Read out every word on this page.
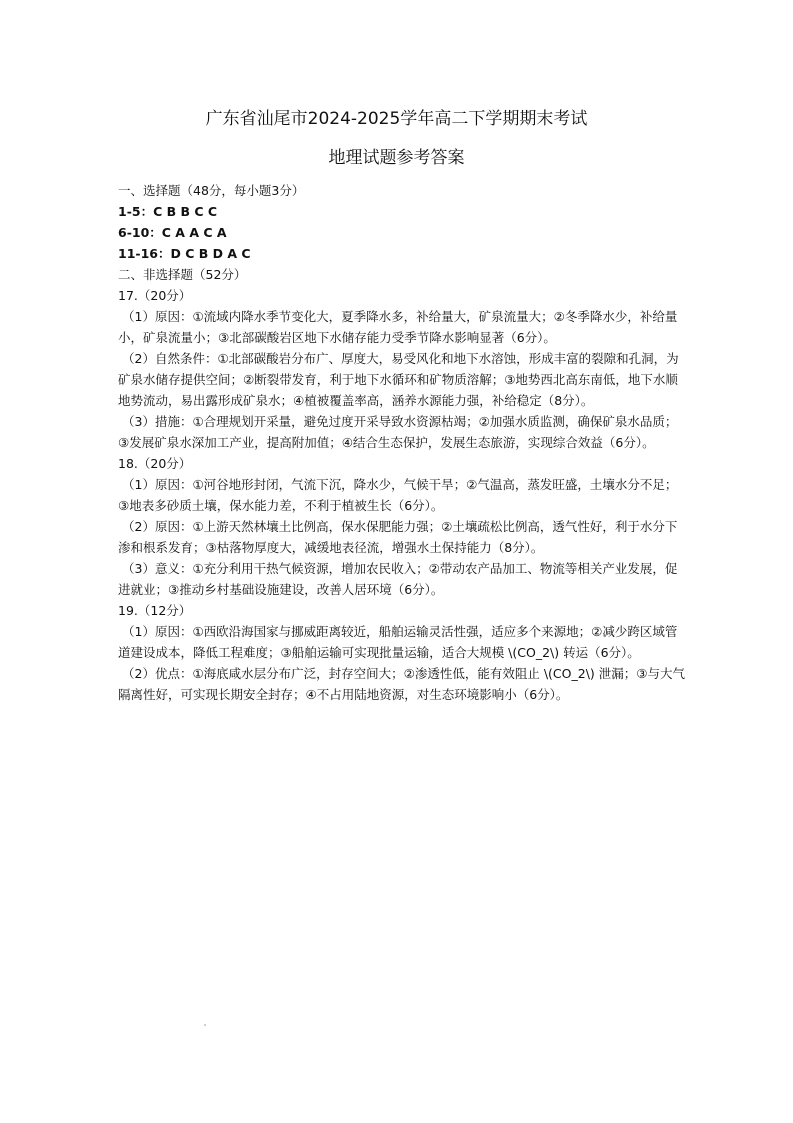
广东省汕尾市2024-2025学年高二下学期期末考试
地理试题参考答案
一、选择题（48分，每小题3分）
1-5：C B B C C
6-10：C A A C A
11-16：D C B D A C
二、非选择题（52分）
17.（20分）
（1）原因：①流域内降水季节变化大，夏季降水多，补给量大，矿泉流量大；②冬季降水少，补给量小，矿泉流量小；③北部碳酸岩区地下水储存能力受季节降水影响显著（6分）。
（2）自然条件：①北部碳酸岩分布广、厚度大，易受风化和地下水溶蚀，形成丰富的裂隙和孔洞，为矿泉水储存提供空间；②断裂带发育，利于地下水循环和矿物质溶解；③地势西北高东南低，地下水顺地势流动，易出露形成矿泉水；④植被覆盖率高，涵养水源能力强，补给稳定（8分）。
（3）措施：①合理规划开采量，避免过度开采导致水资源枯竭；②加强水质监测，确保矿泉水品质；③发展矿泉水深加工产业，提高附加值；④结合生态保护，发展生态旅游，实现综合效益（6分）。
18.（20分）
（1）原因：①河谷地形封闭，气流下沉，降水少，气候干旱；②气温高，蒸发旺盛，土壤水分不足；③地表多砂质土壤，保水能力差，不利于植被生长（6分）。
（2）原因：①上游天然林壤土比例高，保水保肥能力强；②土壤疏松比例高，透气性好，利于水分下渗和根系发育；③枯落物厚度大，减缓地表径流，增强水土保持能力（8分）。
（3）意义：①充分利用干热气候资源，增加农民收入；②带动农产品加工、物流等相关产业发展，促进就业；③推动乡村基础设施建设，改善人居环境（6分）。
19.（12分）
（1）原因：①西欧沿海国家与挪威距离较近，船舶运输灵活性强，适应多个来源地；②减少跨区域管道建设成本，降低工程难度；③船舶运输可实现批量运输，适合大规模 \(CO_2\) 转运（6分）。
（2）优点：①海底咸水层分布广泛，封存空间大；②渗透性低，能有效阻止 \(CO_2\) 泄漏；③与大气隔离性好，可实现长期安全封存；④不占用陆地资源，对生态环境影响小（6分）。
